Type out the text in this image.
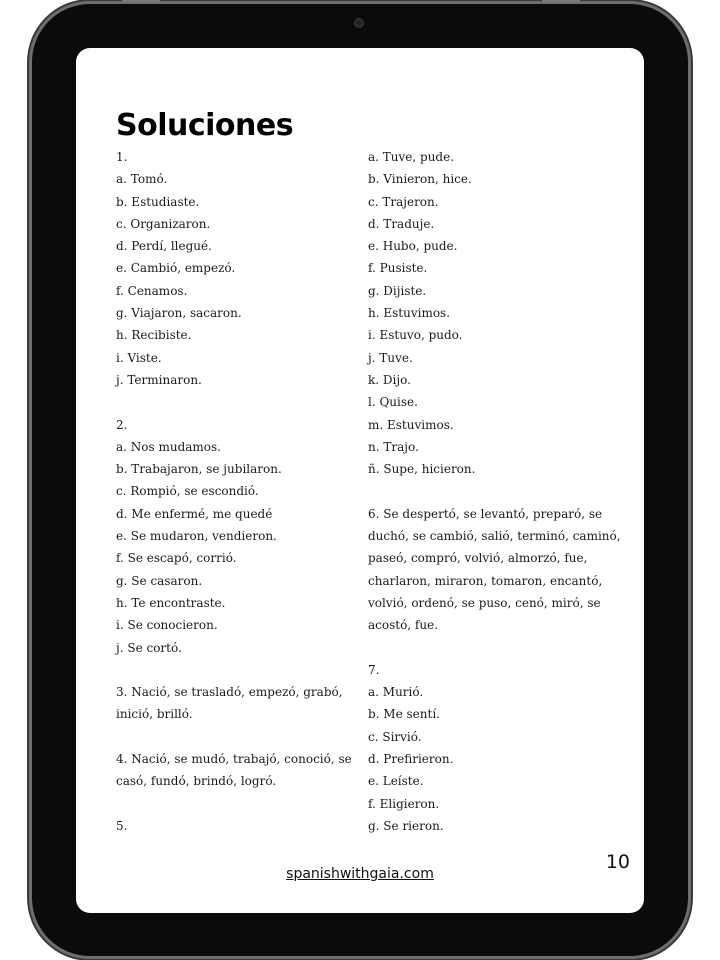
Soluciones
1.
a. Tomó.
b. Estudiaste.
c. Organizaron.
d. Perdí, llegué.
e. Cambió, empezó.
f. Cenamos.
g. Viajaron, sacaron.
h. Recibiste.
i. Viste.
j. Terminaron.
2.
a. Nos mudamos.
b. Trabajaron, se jubilaron.
c. Rompió, se escondió.
d. Me enfermé, me quedé
e. Se mudaron, vendieron.
f. Se escapó, corrió.
g. Se casaron.
h. Te encontraste.
i. Se conocieron.
j. Se cortó.
3. Nació, se trasladó, empezó, grabó,
inició, brilló.
4. Nació, se mudó, trabajó, conoció, se
casó, fundó, brindó, logró.
5.
a. Tuve, pude.
b. Vinieron, hice.
c. Trajeron.
d. Traduje.
e. Hubo, pude.
f. Pusiste.
g. Dijiste.
h. Estuvimos.
i. Estuvo, pudo.
j. Tuve.
k. Dijo.
l. Quise.
m. Estuvimos.
n. Trajo.
ñ. Supe, hicieron.
6. Se despertó, se levantó, preparó, se
duchó, se cambió, salió, terminó, caminó,
paseó, compró, volvió, almorzó, fue,
charlaron, miraron, tomaron, encantó,
volvió, ordenó, se puso, cenó, miró, se
acostó, fue.
7.
a. Murió.
b. Me sentí.
c. Sirvió.
d. Prefirieron.
e. Leíste.
f. Eligieron.
g. Se rieron.
spanishwithgaia.com
10
